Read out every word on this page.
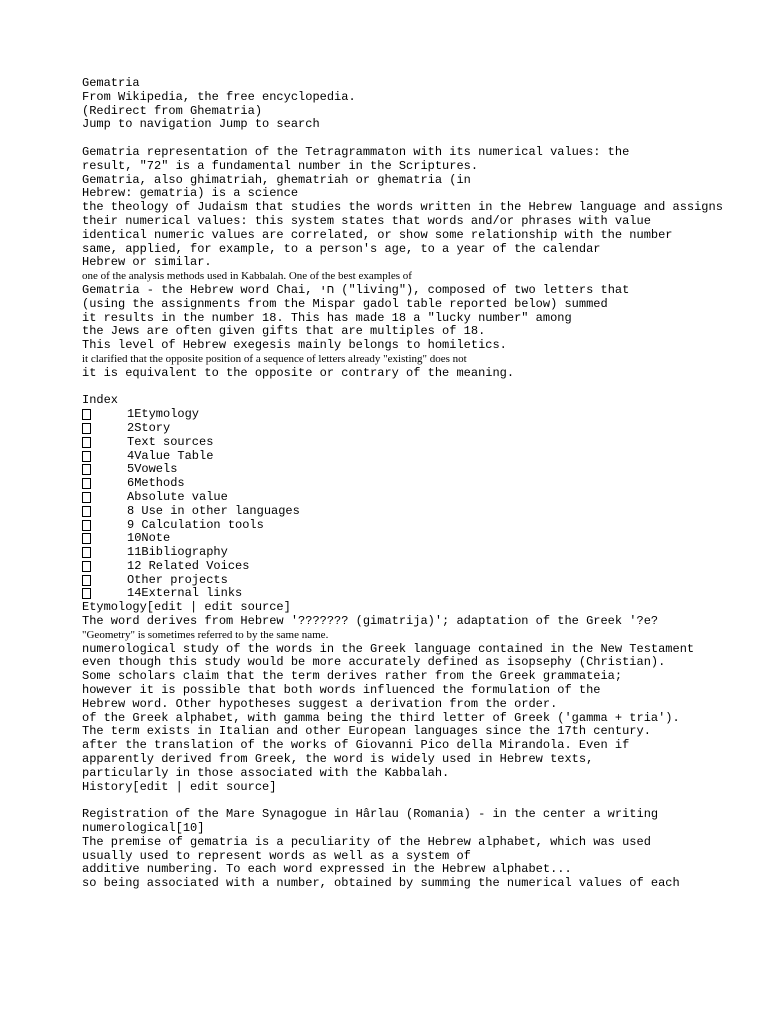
Gematria
From Wikipedia, the free encyclopedia.
(Redirect from Ghematria)
Jump to navigation Jump to search
Gematria representation of the Tetragrammaton with its numerical values: the
result, "72" is a fundamental number in the Scriptures.
Gematria, also ghimatriah, ghematriah or ghematria (in
Hebrew: gematria) is a science
the theology of Judaism that studies the words written in the Hebrew language and assigns
their numerical values: this system states that words and/or phrases with value
identical numeric values are correlated, or show some relationship with the number
same, applied, for example, to a person's age, to a year of the calendar
Hebrew or similar.
one of the analysis methods used in Kabbalah. One of the best examples of
Gematria - the Hebrew word Chai, חי ("living"), composed of two letters that
(using the assignments from the Mispar gadol table reported below) summed
it results in the number 18. This has made 18 a "lucky number" among
the Jews are often given gifts that are multiples of 18.
This level of Hebrew exegesis mainly belongs to homiletics.
it clarified that the opposite position of a sequence of letters already "existing" does not
it is equivalent to the opposite or contrary of the meaning.
Index
1Etymology
2Story
Text sources
4Value Table
5Vowels
6Methods
Absolute value
8 Use in other languages
9 Calculation tools
10Note
11Bibliography
12 Related Voices
Other projects
14External links
Etymology[edit | edit source]
The word derives from Hebrew '??????? (gimatrija)'; adaptation of the Greek '?e?
"Geometry" is sometimes referred to by the same name.
numerological study of the words in the Greek language contained in the New Testament
even though this study would be more accurately defined as isopsephy (Christian).
Some scholars claim that the term derives rather from the Greek grammateia;
however it is possible that both words influenced the formulation of the
Hebrew word. Other hypotheses suggest a derivation from the order.
of the Greek alphabet, with gamma being the third letter of Greek ('gamma + tria').
The term exists in Italian and other European languages since the 17th century.
after the translation of the works of Giovanni Pico della Mirandola. Even if
apparently derived from Greek, the word is widely used in Hebrew texts,
particularly in those associated with the Kabbalah.
History[edit | edit source]
Registration of the Mare Synagogue in Hârlau (Romania) - in the center a writing
numerological[10]
The premise of gematria is a peculiarity of the Hebrew alphabet, which was used
usually used to represent words as well as a system of
additive numbering. To each word expressed in the Hebrew alphabet...
so being associated with a number, obtained by summing the numerical values of each
